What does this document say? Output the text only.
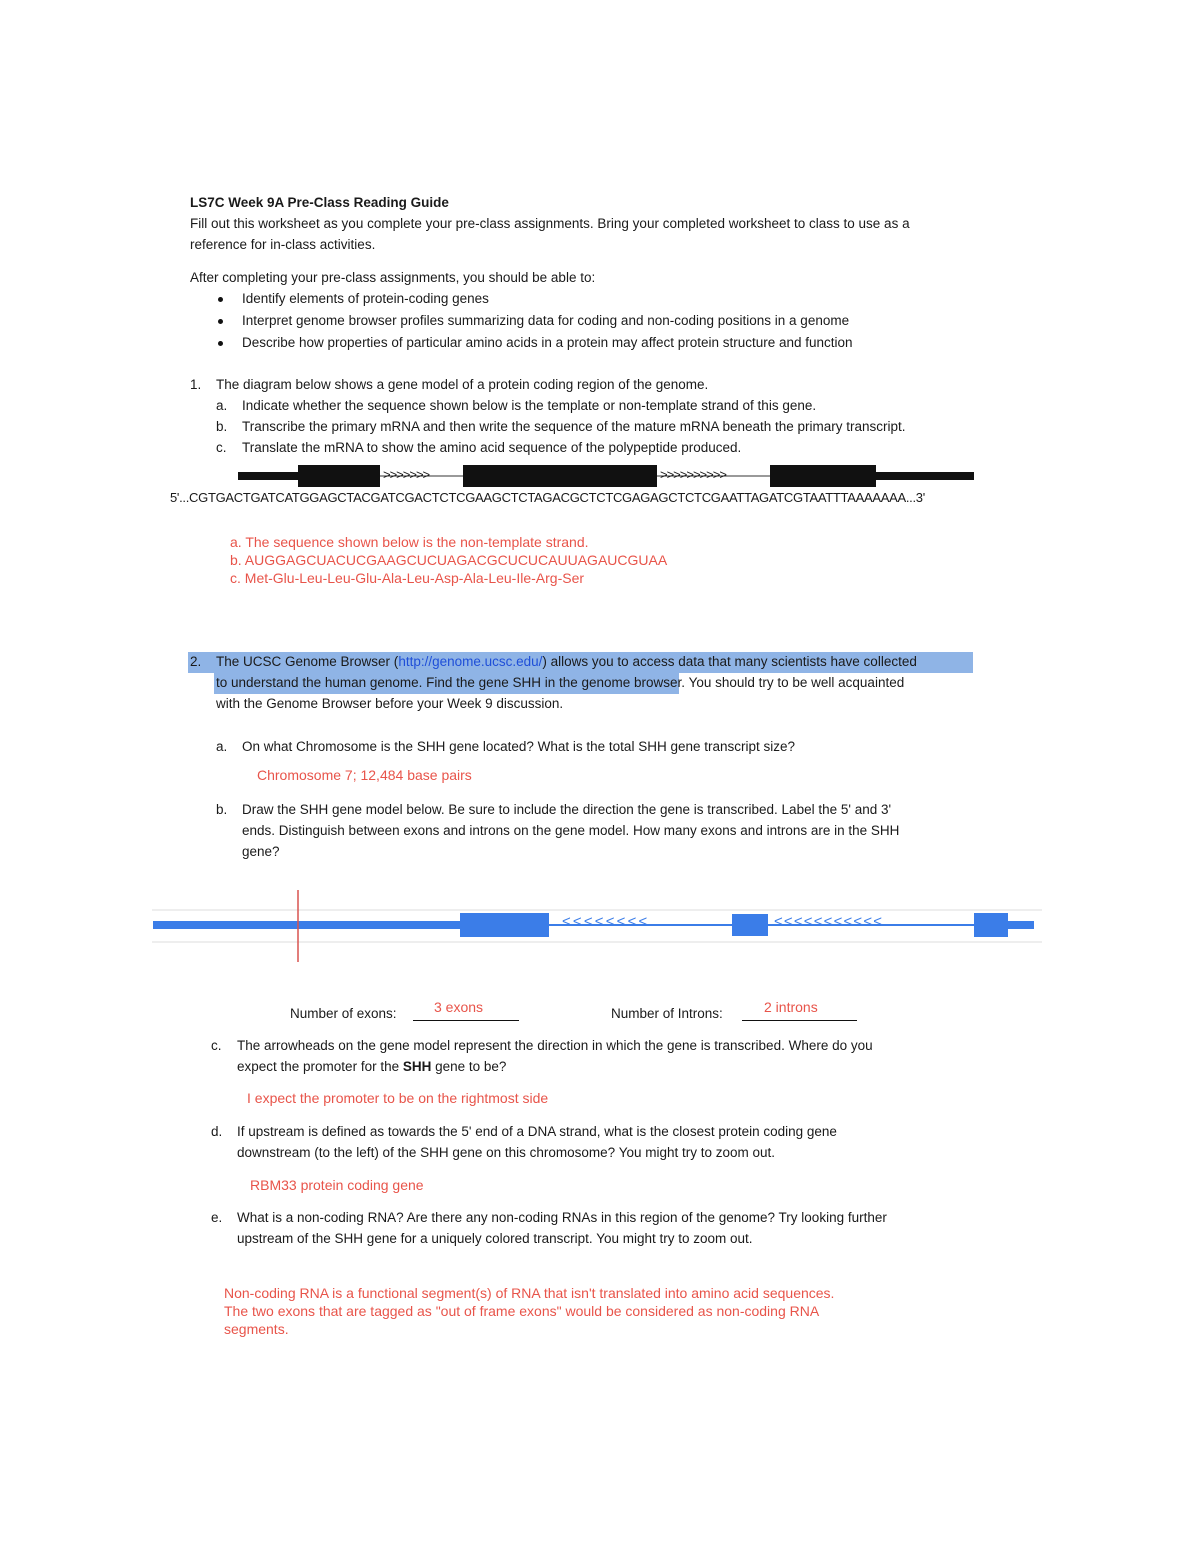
LS7C Week 9A Pre-Class Reading Guide
Fill out this worksheet as you complete your pre-class assignments. Bring your completed worksheet to class to use as a
reference for in-class activities.
After completing your pre-class assignments, you should be able to:
Identify elements of protein-coding genes
Interpret genome browser profiles summarizing data for coding and non-coding positions in a genome
Describe how properties of particular amino acids in a protein may affect protein structure and function
1. The diagram below shows a gene model of a protein coding region of the genome.
a. Indicate whether the sequence shown below is the template or non-template strand of this gene.
b. Transcribe the primary mRNA and then write the sequence of the mature mRNA beneath the primary transcript.
c. Translate the mRNA to show the amino acid sequence of the polypeptide produced.
>>>>>>>	>>>>>>>>>>
5'...CGTGACTGATCATGGAGCTACGATCGACTCTCGAAGCTCTAGACGCTCTCGAGAGCTCTCGAATTAGATCGTAATTTAAAAAAA...3'
a. The sequence shown below is the non-template strand.
b. AUGGAGCUACUCGAAGCUCUAGACGCUCUCAUUAGAUCGUAA
c. Met-Glu-Leu-Leu-Glu-Ala-Leu-Asp-Ala-Leu-Ile-Arg-Ser
2. The UCSC Genome Browser (http://genome.ucsc.edu/) allows you to access data that many scientists have collected
to understand the human genome. Find the gene SHH in the genome browser. You should try to be well acquainted
with the Genome Browser before your Week 9 discussion.
a. On what Chromosome is the SHH gene located? What is the total SHH gene transcript size?
Chromosome 7; 12,484 base pairs
b. Draw the SHH gene model below. Be sure to include the direction the gene is transcribed. Label the 5' and 3'
ends. Distinguish between exons and introns on the gene model. How many exons and introns are in the SHH
gene?
< < < < < < < <	< < < < < < < < < < <
Number of exons:	3 exons	Number of Introns:	2 introns
c. The arrowheads on the gene model represent the direction in which the gene is transcribed. Where do you
expect the promoter for the SHH gene to be?
I expect the promoter to be on the rightmost side
d. If upstream is defined as towards the 5' end of a DNA strand, what is the closest protein coding gene
downstream (to the left) of the SHH gene on this chromosome? You might try to zoom out.
RBM33 protein coding gene
e. What is a non-coding RNA? Are there any non-coding RNAs in this region of the genome? Try looking further
upstream of the SHH gene for a uniquely colored transcript. You might try to zoom out.
Non-coding RNA is a functional segment(s) of RNA that isn't translated into amino acid sequences.
The two exons that are tagged as "out of frame exons" would be considered as non-coding RNA
segments.
